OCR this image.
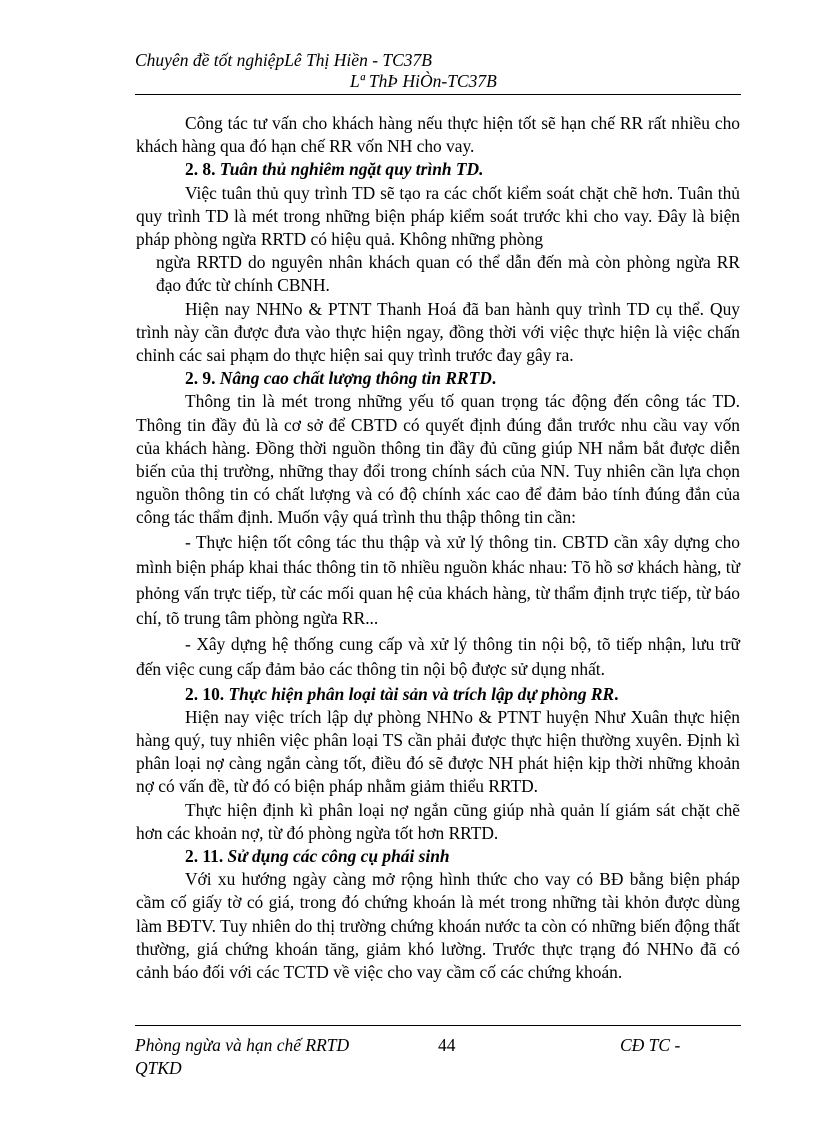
Chuyên đề tốt nghiệpLê Thị Hiền - TC37B
Lª ThÞ HiÒn-TC37B

Công tác tư vấn cho khách hàng nếu thực hiện tốt sẽ hạn chế RR rất nhiều cho khách hàng qua đó hạn chế RR vốn NH cho vay.

2. 8. Tuân thủ nghiêm ngặt quy trình TD.

Việc tuân thủ quy trình TD sẽ tạo ra các chốt kiểm soát chặt chẽ hơn. Tuân thủ quy trình TD là mét trong những biện pháp kiểm soát trước khi cho vay. Đây là biện pháp phòng ngừa RRTD có hiệu quả. Không những phòng

ngừa RRTD do nguyên nhân khách quan có thể dẫn đến mà còn phòng ngừa RR đạo đức từ chính CBNH.

Hiện nay NHNo & PTNT Thanh Hoá đã ban hành quy trình TD cụ thể. Quy trình này cần được đưa vào thực hiện ngay, đồng thời với việc thực hiện là việc chấn chỉnh các sai phạm do thực hiện sai quy trình trước đay gây ra.

2. 9. Nâng cao chất lượng thông tin RRTD.

Thông tin là mét trong những yếu tố quan trọng tác động đến công tác TD. Thông tin đầy đủ là cơ sở để CBTD có quyết định đúng đắn trước nhu cầu vay vốn của khách hàng. Đồng thời nguồn thông tin đầy đủ cũng giúp NH nắm bắt được diễn biến của thị trường, những thay đổi trong chính sách của NN. Tuy nhiên cần lựa chọn nguồn thông tin có chất lượng và có độ chính xác cao để đảm bảo tính đúng đắn của công tác thẩm định. Muốn vậy quá trình thu thập thông tin cần:

- Thực hiện tốt công tác thu thập và xử lý thông tin. CBTD cần xây dựng cho mình biện pháp khai thác thông tin tõ nhiều nguồn khác nhau: Tõ hồ sơ khách hàng, từ phỏng vấn trực tiếp, từ các mối quan hệ của khách hàng, từ thẩm định trực tiếp, từ báo chí, tõ trung tâm phòng ngừa RR...

- Xây dựng hệ thống cung cấp và xử lý thông tin nội bộ, tõ tiếp nhận, lưu trữ đến việc cung cấp đảm bảo các thông tin nội bộ được sử dụng nhất.

2. 10. Thực hiện phân loại tài sản và trích lập dự phòng RR.

Hiện nay việc trích lập dự phòng NHNo & PTNT huyện Như Xuân thực hiện hàng quý, tuy nhiên việc phân loại TS cần phải được thực hiện thường xuyên. Định kì phân loại nợ càng ngắn càng tốt, điều đó sẽ được NH phát hiện kịp thời những khoản nợ có vấn đề, từ đó có biện pháp nhằm giảm thiểu RRTD.

Thực hiện định kì phân loại nợ ngắn cũng giúp nhà quản lí giám sát chặt chẽ hơn các khoản nợ, từ đó phòng ngừa tốt hơn RRTD.

2. 11. Sử dụng các công cụ phái sinh

Với xu hướng ngày càng mở rộng hình thức cho vay có BĐ bằng biện pháp cầm cố giấy tờ có giá, trong đó chứng khoán là mét trong những tài khỏn được dùng làm BĐTV. Tuy nhiên do thị trường chứng khoán nước ta còn có những biến động thất thường, giá chứng khoán tăng, giảm khó lường. Trước thực trạng đó NHNo đã có cảnh báo đối với các TCTD về việc cho vay cầm cố các chứng khoán.

Phòng ngừa và hạn chế RRTD	44	CĐ TC -
QTKD
